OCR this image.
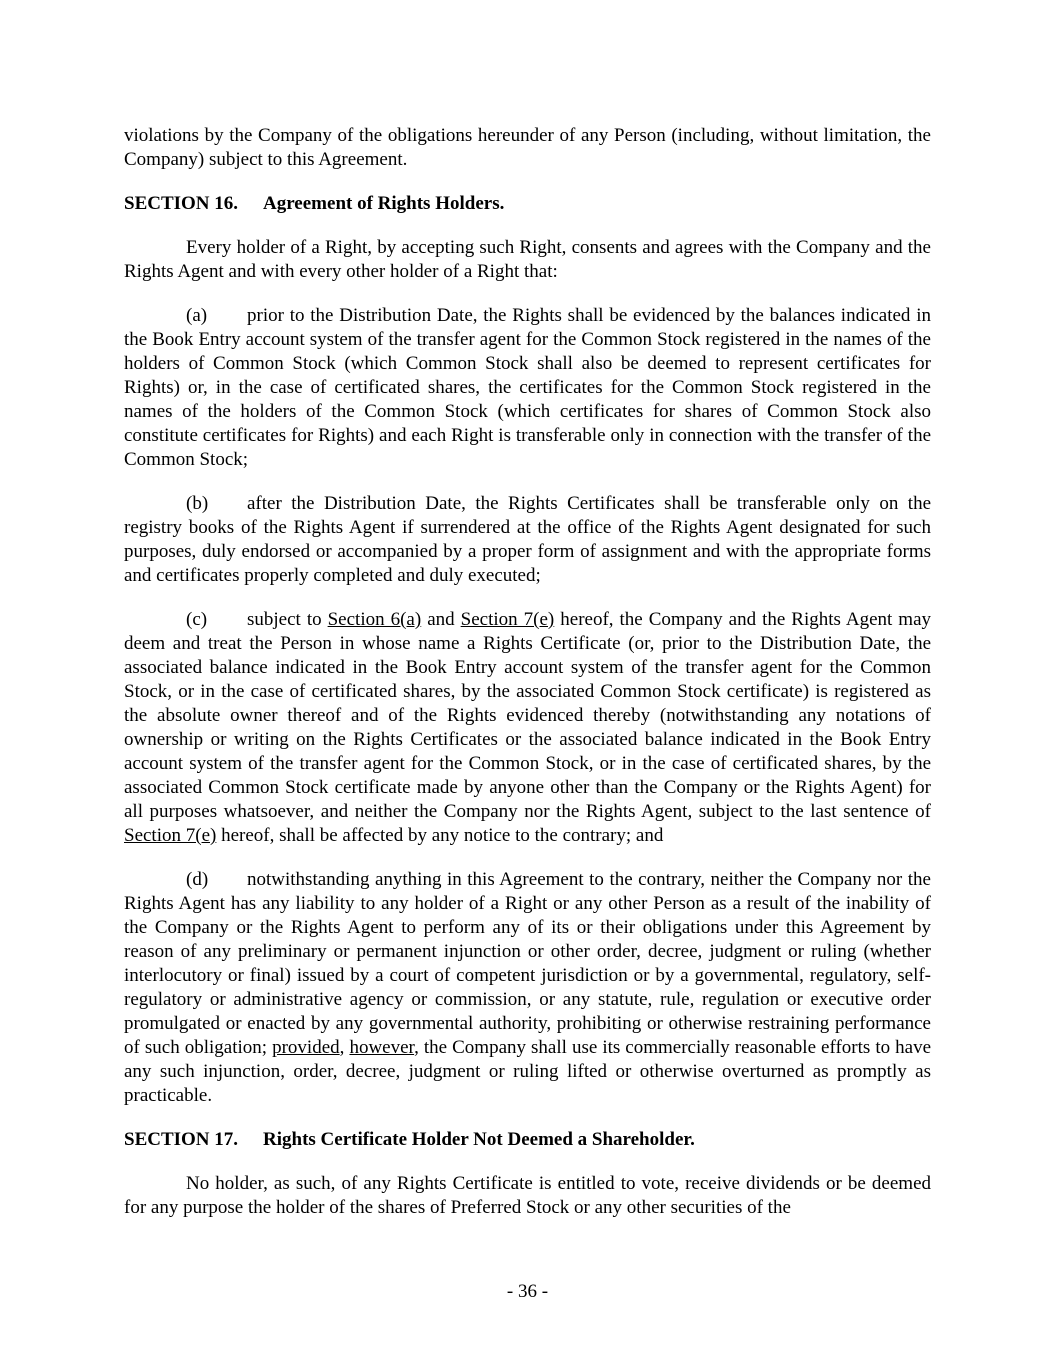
violations by the Company of the obligations hereunder of any Person (including, without limitation, the Company) subject to this Agreement.

SECTION 16. Agreement of Rights Holders.

Every holder of a Right, by accepting such Right, consents and agrees with the Company and the Rights Agent and with every other holder of a Right that:

(a) prior to the Distribution Date, the Rights shall be evidenced by the balances indicated in the Book Entry account system of the transfer agent for the Common Stock registered in the names of the holders of Common Stock (which Common Stock shall also be deemed to represent certificates for Rights) or, in the case of certificated shares, the certificates for the Common Stock registered in the names of the holders of the Common Stock (which certificates for shares of Common Stock also constitute certificates for Rights) and each Right is transferable only in connection with the transfer of the Common Stock;

(b) after the Distribution Date, the Rights Certificates shall be transferable only on the registry books of the Rights Agent if surrendered at the office of the Rights Agent designated for such purposes, duly endorsed or accompanied by a proper form of assignment and with the appropriate forms and certificates properly completed and duly executed;

(c) subject to Section 6(a) and Section 7(e) hereof, the Company and the Rights Agent may deem and treat the Person in whose name a Rights Certificate (or, prior to the Distribution Date, the associated balance indicated in the Book Entry account system of the transfer agent for the Common Stock, or in the case of certificated shares, by the associated Common Stock certificate) is registered as the absolute owner thereof and of the Rights evidenced thereby (notwithstanding any notations of ownership or writing on the Rights Certificates or the associated balance indicated in the Book Entry account system of the transfer agent for the Common Stock, or in the case of certificated shares, by the associated Common Stock certificate made by anyone other than the Company or the Rights Agent) for all purposes whatsoever, and neither the Company nor the Rights Agent, subject to the last sentence of Section 7(e) hereof, shall be affected by any notice to the contrary; and

(d) notwithstanding anything in this Agreement to the contrary, neither the Company nor the Rights Agent has any liability to any holder of a Right or any other Person as a result of the inability of the Company or the Rights Agent to perform any of its or their obligations under this Agreement by reason of any preliminary or permanent injunction or other order, decree, judgment or ruling (whether interlocutory or final) issued by a court of competent jurisdiction or by a governmental, regulatory, self-regulatory or administrative agency or commission, or any statute, rule, regulation or executive order promulgated or enacted by any governmental authority, prohibiting or otherwise restraining performance of such obligation; provided, however, the Company shall use its commercially reasonable efforts to have any such injunction, order, decree, judgment or ruling lifted or otherwise overturned as promptly as practicable.

SECTION 17. Rights Certificate Holder Not Deemed a Shareholder.

No holder, as such, of any Rights Certificate is entitled to vote, receive dividends or be deemed for any purpose the holder of the shares of Preferred Stock or any other securities of the

- 36 -
